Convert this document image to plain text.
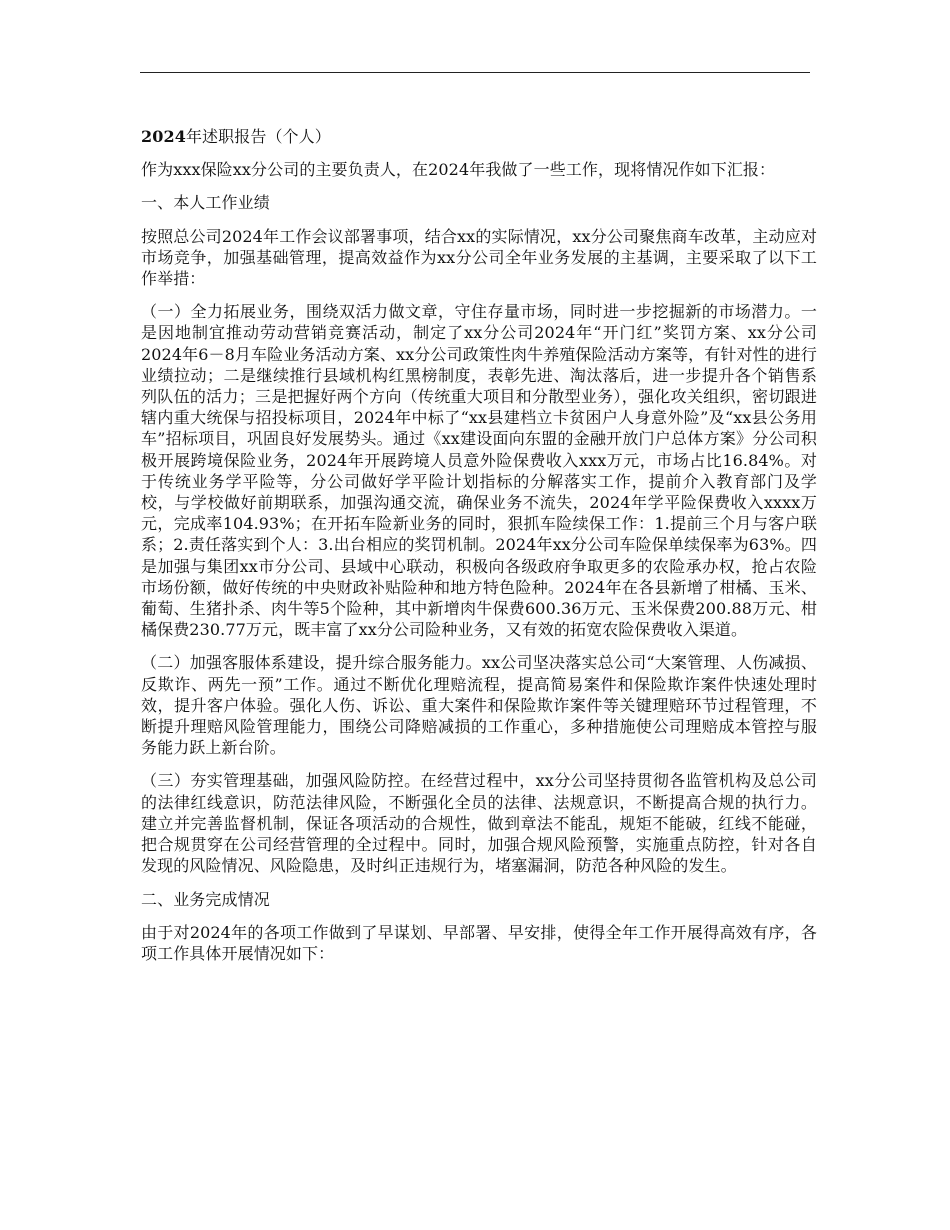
2024年述职报告（个人）

作为xxx保险xx分公司的主要负责人，在2024年我做了一些工作，现将情况作如下汇报：

一、本人工作业绩

按照总公司2024年工作会议部署事项，结合xx的实际情况，xx分公司聚焦商车改革，主动应对市场竞争，加强基础管理，提高效益作为xx分公司全年业务发展的主基调，主要采取了以下工作举措：

（一）全力拓展业务，围绕双活力做文章，守住存量市场，同时进一步挖掘新的市场潜力。一是因地制宜推动劳动营销竞赛活动，制定了xx分公司2024年“开门红”奖罚方案、xx分公司2024年6－8月车险业务活动方案、xx分公司政策性肉牛养殖保险活动方案等，有针对性的进行业绩拉动；二是继续推行县域机构红黑榜制度，表彰先进、淘汰落后，进一步提升各个销售系列队伍的活力；三是把握好两个方向（传统重大项目和分散型业务），强化攻关组织，密切跟进辖内重大统保与招投标项目，2024年中标了“xx县建档立卡贫困户人身意外险”及“xx县公务用车”招标项目，巩固良好发展势头。通过《xx建设面向东盟的金融开放门户总体方案》分公司积极开展跨境保险业务，2024年开展跨境人员意外险保费收入xxx万元，市场占比16.84%。对于传统业务学平险等，分公司做好学平险计划指标的分解落实工作，提前介入教育部门及学校，与学校做好前期联系，加强沟通交流，确保业务不流失，2024年学平险保费收入xxxx万元，完成率104.93%；在开拓车险新业务的同时，狠抓车险续保工作：1.提前三个月与客户联系；2.责任落实到个人：3.出台相应的奖罚机制。2024年xx分公司车险保单续保率为63%。四是加强与集团xx市分公司、县域中心联动，积极向各级政府争取更多的农险承办权，抢占农险市场份额，做好传统的中央财政补贴险种和地方特色险种。2024年在各县新增了柑橘、玉米、葡萄、生猪扑杀、肉牛等5个险种，其中新增肉牛保费600.36万元、玉米保费200.88万元、柑橘保费230.77万元，既丰富了xx分公司险种业务，又有效的拓宽农险保费收入渠道。

（二）加强客服体系建设，提升综合服务能力。xx公司坚决落实总公司“大案管理、人伤减损、反欺诈、两先一预”工作。通过不断优化理赔流程，提高简易案件和保险欺诈案件快速处理时效，提升客户体验。强化人伤、诉讼、重大案件和保险欺诈案件等关键理赔环节过程管理，不断提升理赔风险管理能力，围绕公司降赔减损的工作重心，多种措施使公司理赔成本管控与服务能力跃上新台阶。

（三）夯实管理基础，加强风险防控。在经营过程中，xx分公司坚持贯彻各监管机构及总公司的法律红线意识，防范法律风险，不断强化全员的法律、法规意识，不断提高合规的执行力。建立并完善监督机制，保证各项活动的合规性，做到章法不能乱，规矩不能破，红线不能碰，把合规贯穿在公司经营管理的全过程中。同时，加强合规风险预警，实施重点防控，针对各自发现的风险情况、风险隐患，及时纠正违规行为，堵塞漏洞，防范各种风险的发生。

二、业务完成情况

由于对2024年的各项工作做到了早谋划、早部署、早安排，使得全年工作开展得高效有序，各项工作具体开展情况如下：
